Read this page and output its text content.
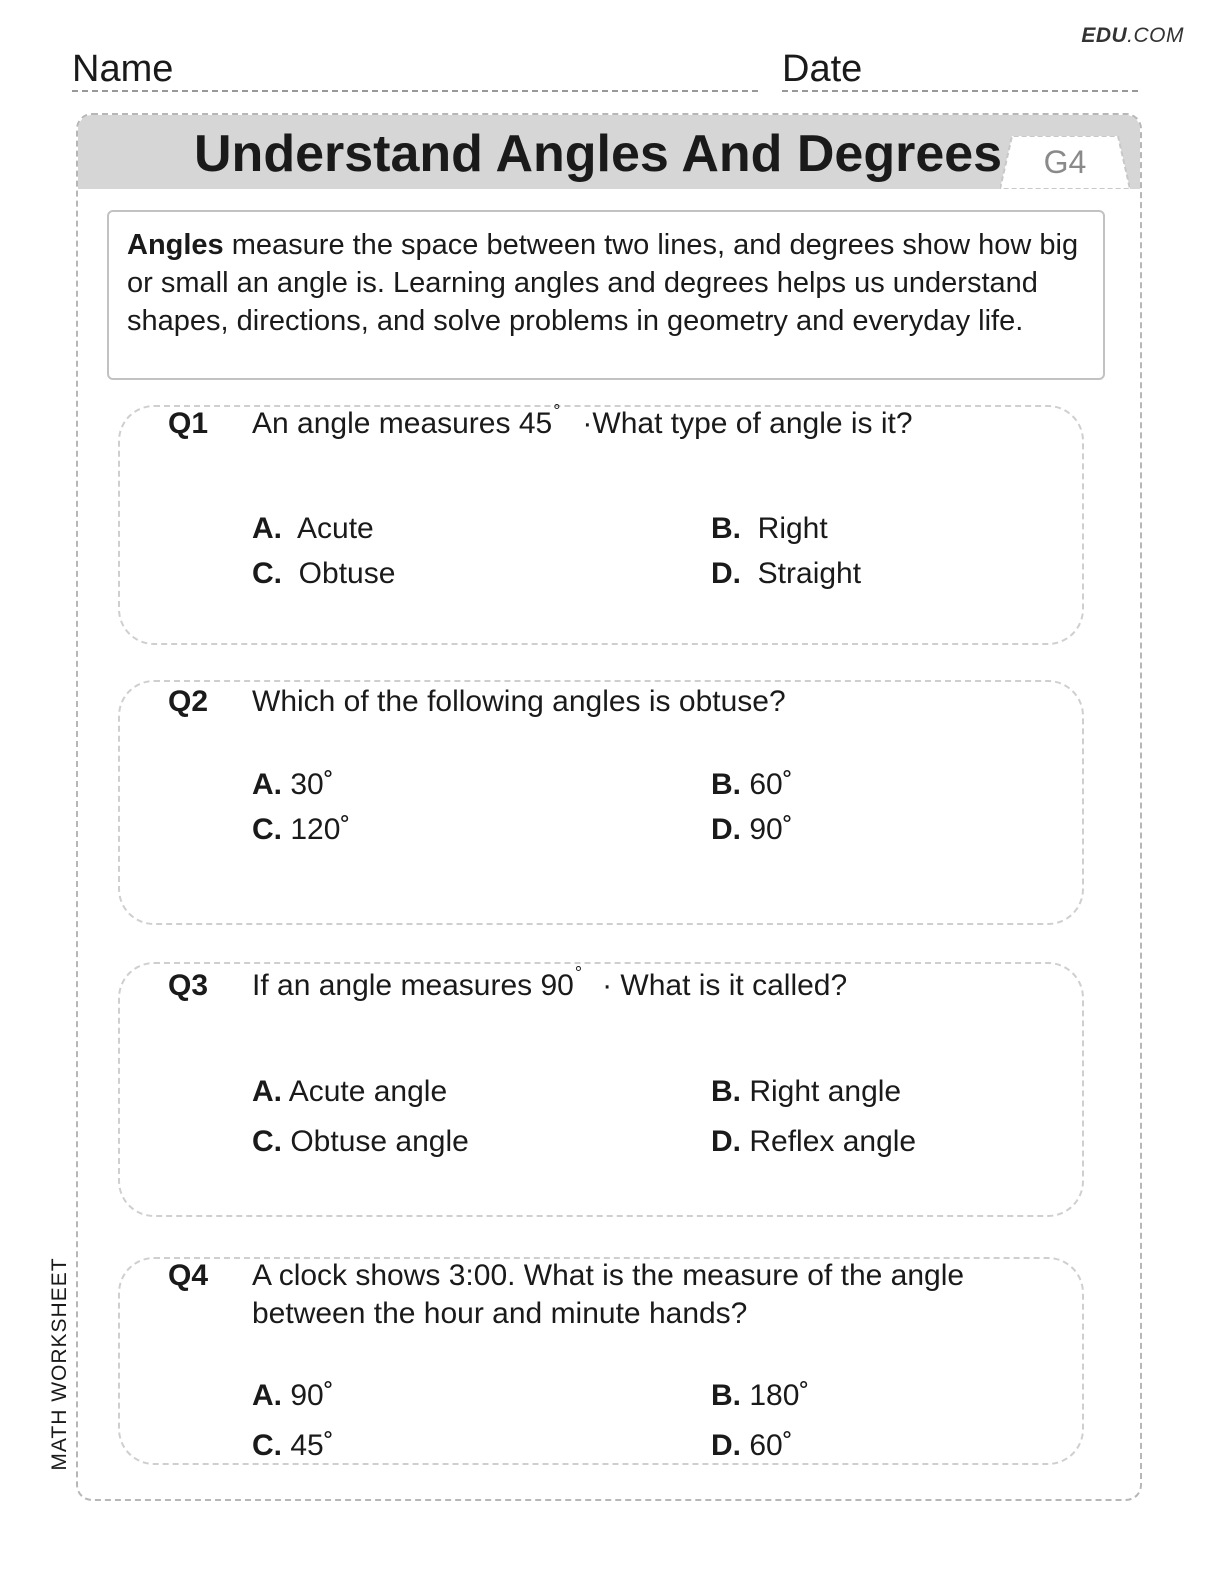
EDU.COM
Name	Date
Understand Angles And Degrees	G4
Angles measure the space between two lines, and degrees show how big or small an angle is. Learning angles and degrees helps us understand shapes, directions, and solve problems in geometry and everyday life.
Q1 An angle measures 45° ·What type of angle is it?
A. Acute	B. Right
C. Obtuse	D. Straight
Q2 Which of the following angles is obtuse?
A. 30˚	B. 60˚
C. 120˚	D. 90˚
Q3 If an angle measures 90° · What is it called?
A. Acute angle	B. Right angle
C. Obtuse angle	D. Reflex angle
Q4 A clock shows 3:00. What is the measure of the angle
between the hour and minute hands?
A. 90˚	B. 180˚
C. 45˚	D. 60˚
MATH WORKSHEET
